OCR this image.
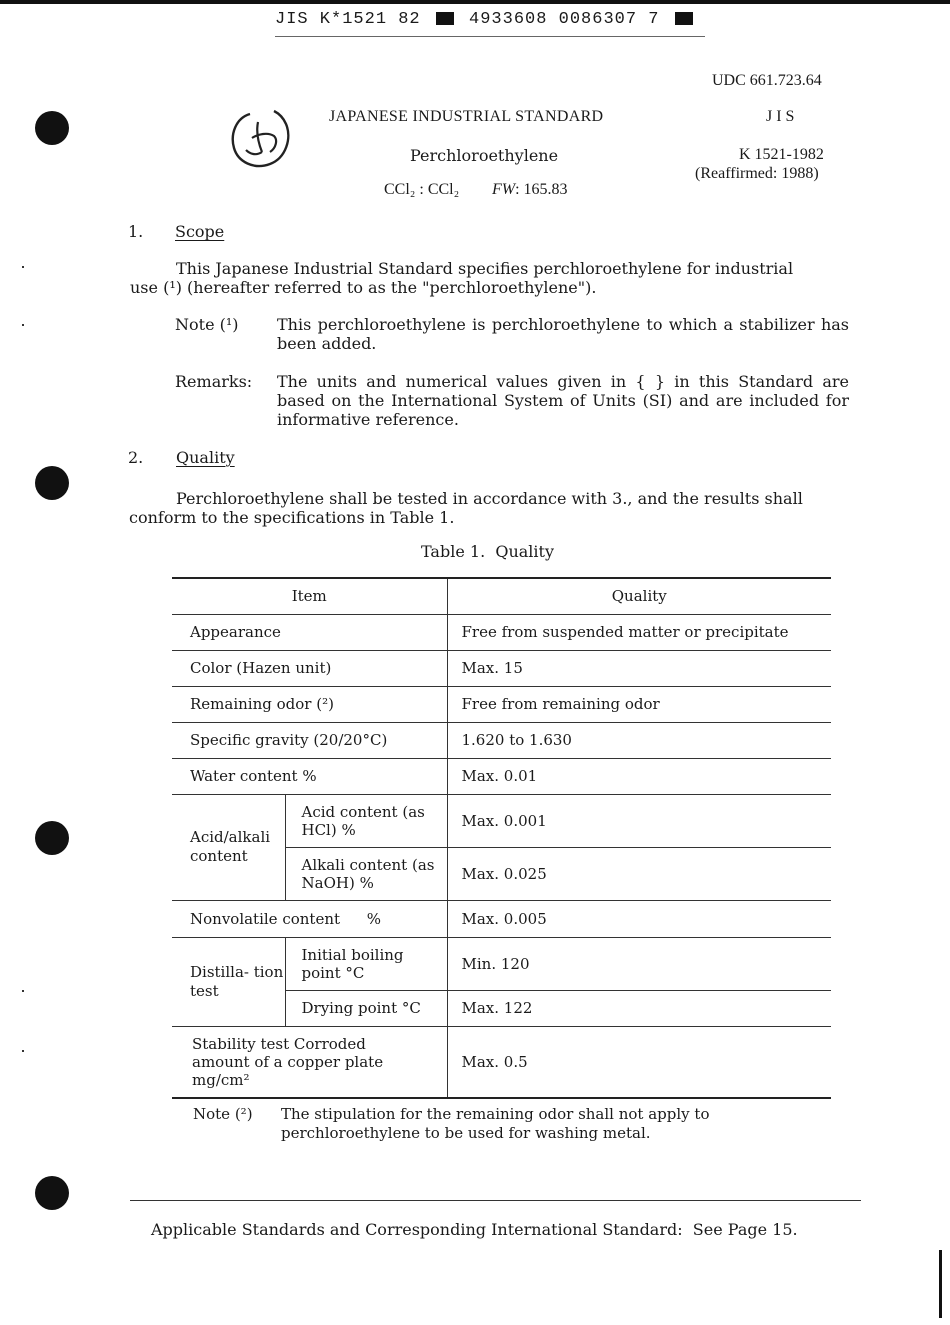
JIS K*1521 82	4933608 0086307 7
UDC 661.723.64
JAPANESE INDUSTRIAL STANDARD	J I S
Perchloroethylene	K 1521-1982
(Reaffirmed: 1988)
CCl₂ : CCl₂ FW: 165.83
1. Scope

This Japanese Industrial Standard specifies perchloroethylene for industrial

use (¹) (hereafter referred to as the "perchloroethylene").

Note (¹) This perchloroethylene is perchloroethylene to which a stabilizer has been added.

Remarks: The units and numerical values given in { } in this Standard are based on the International System of Units (SI) and are included for informative reference.

2. Quality

Perchloroethylene shall be tested in accordance with 3., and the results shall

conform to the specifications in Table 1.

Table 1.  Quality
Item		Quality
Appearance		Free from suspended matter or precipitate
Color (Hazen unit)		Max. 15
Remaining odor (²)		Free from remaining odor
Specific gravity (20/20°C)		1.620 to 1.630
Water content %		Max. 0.01
Acid/alkali content	Acid content (as HCl) %	Max. 0.001
	Alkali content (as NaOH) %	Max. 0.025
Nonvolatile content %		Max. 0.005
Distilla- tion test	Initial boiling point °C	Min. 120
	Drying point °C	Max. 122
Stability test Corroded amount of a copper plate mg/cm²		Max. 0.5
Note (²) The stipulation for the remaining odor shall not apply to perchloroethylene to be used for washing metal.

Applicable Standards and Corresponding International Standard:  See Page 15.
